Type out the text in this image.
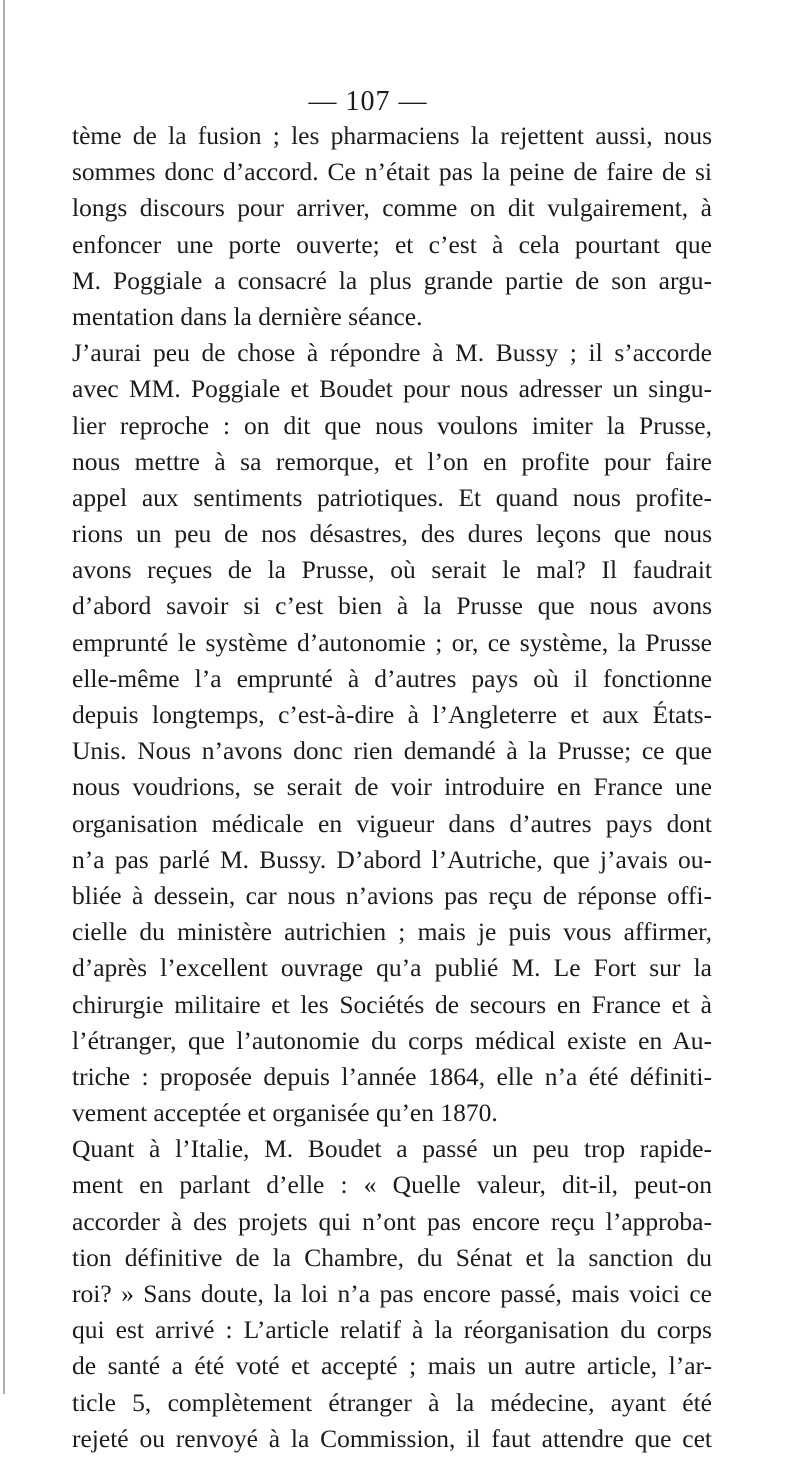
— 107 —
tème de la fusion ; les pharmaciens la rejettent aussi, nous
sommes donc d’accord. Ce n’était pas la peine de faire de si
longs discours pour arriver, comme on dit vulgairement, à
enfoncer une porte ouverte; et c’est à cela pourtant que
M. Poggiale a consacré la plus grande partie de son argu-
mentation dans la dernière séance.
J’aurai peu de chose à répondre à M. Bussy ; il s’accorde
avec MM. Poggiale et Boudet pour nous adresser un singu-
lier reproche : on dit que nous voulons imiter la Prusse,
nous mettre à sa remorque, et l’on en profite pour faire
appel aux sentiments patriotiques. Et quand nous profite-
rions un peu de nos désastres, des dures leçons que nous
avons reçues de la Prusse, où serait le mal? Il faudrait
d’abord savoir si c’est bien à la Prusse que nous avons
emprunté le système d’autonomie ; or, ce système, la Prusse
elle-même l’a emprunté à d’autres pays où il fonctionne
depuis longtemps, c’est-à-dire à l’Angleterre et aux États-
Unis. Nous n’avons donc rien demandé à la Prusse; ce que
nous voudrions, se serait de voir introduire en France une
organisation médicale en vigueur dans d’autres pays dont
n’a pas parlé M. Bussy. D’abord l’Autriche, que j’avais ou-
bliée à dessein, car nous n’avions pas reçu de réponse offi-
cielle du ministère autrichien ; mais je puis vous affirmer,
d’après l’excellent ouvrage qu’a publié M. Le Fort sur la
chirurgie militaire et les Sociétés de secours en France et à
l’étranger, que l’autonomie du corps médical existe en Au-
triche : proposée depuis l’année 1864, elle n’a été définiti-
vement acceptée et organisée qu’en 1870.
Quant à l’Italie, M. Boudet a passé un peu trop rapide-
ment en parlant d’elle : « Quelle valeur, dit-il, peut-on
accorder à des projets qui n’ont pas encore reçu l’approba-
tion définitive de la Chambre, du Sénat et la sanction du
roi? » Sans doute, la loi n’a pas encore passé, mais voici ce
qui est arrivé : L’article relatif à la réorganisation du corps
de santé a été voté et accepté ; mais un autre article, l’ar-
ticle 5, complètement étranger à la médecine, ayant été
rejeté ou renvoyé à la Commission, il faut attendre que cet
